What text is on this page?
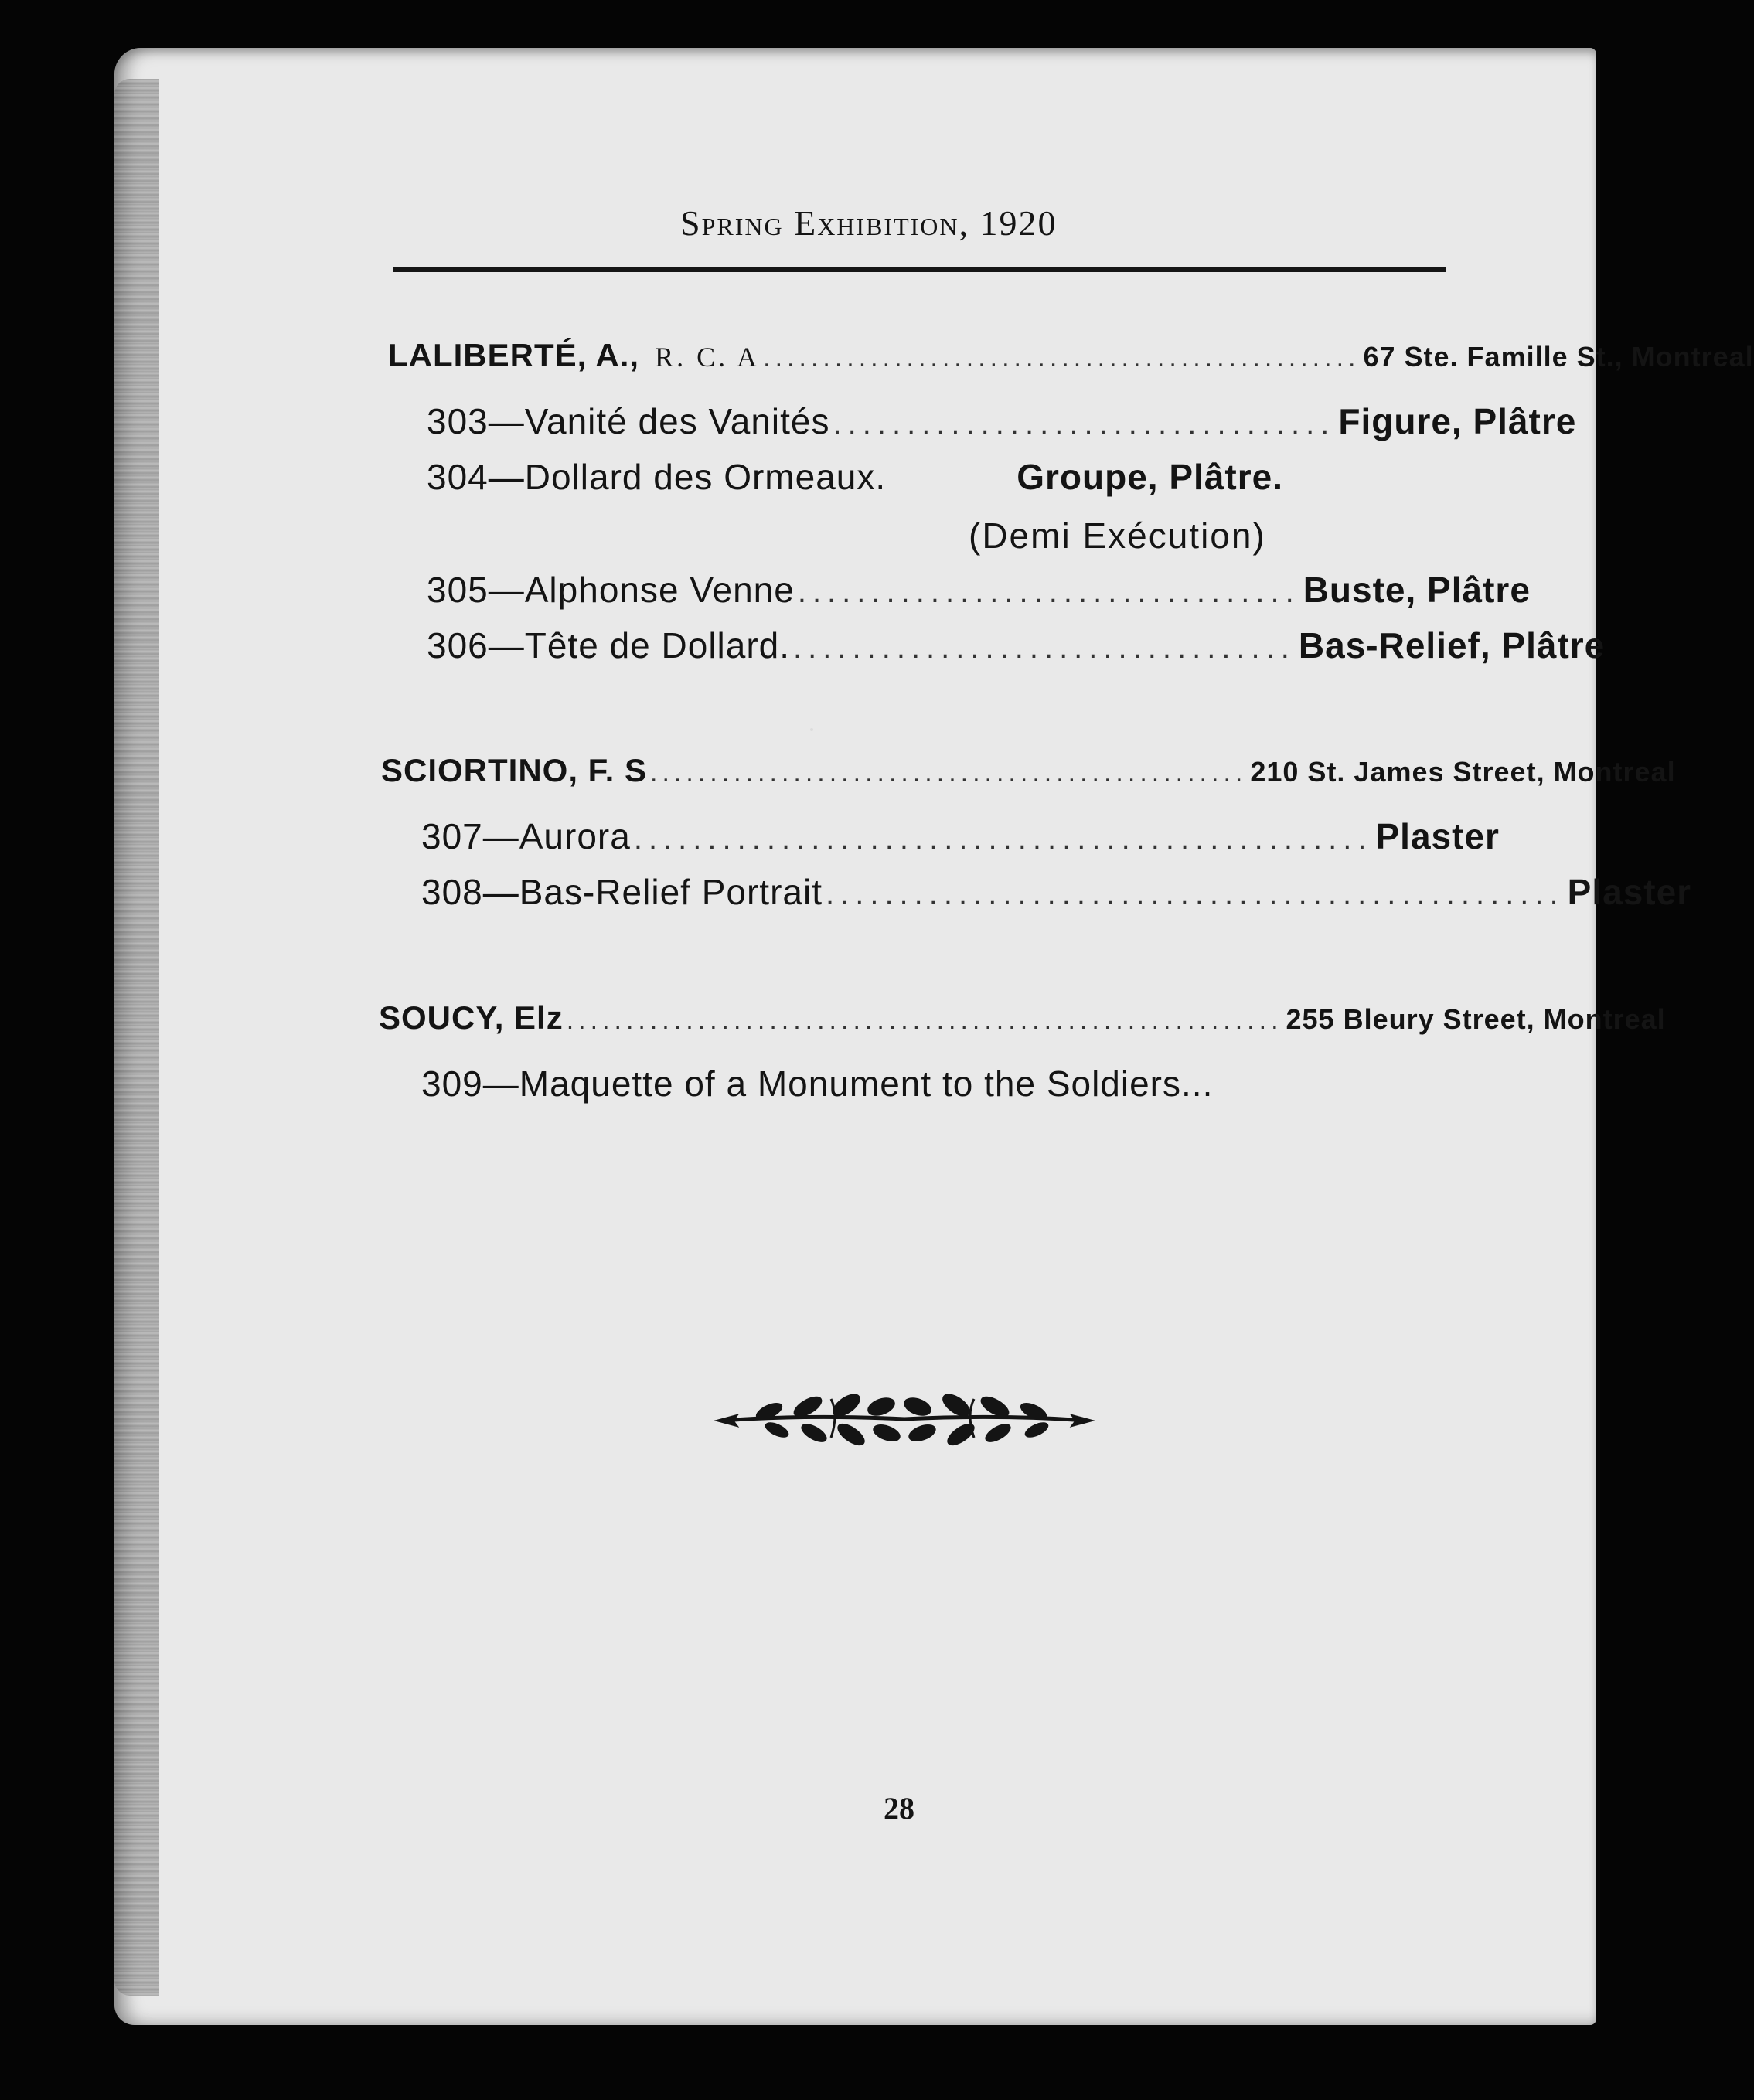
Spring Exhibition, 1920
LALIBERTÉ, A., R. C. A .................................................. 67 Ste. Famille St., Montreal
303— Vanité des Vanités .................................. Figure, Plâtre
304—Dollard des Ormeaux.	Groupe, Plâtre.
(Demi Exécution)
305— Alphonse Venne .................................. Buste, Plâtre
306— Tête de Dollard. .................................. Bas-Relief, Plâtre
SCIORTINO, F. S .................................................. 210 St. James Street, Montreal
307— Aurora .................................................. Plaster
308— Bas-Relief Portrait .................................................. Plaster
SOUCY, Elz ............................................................ 255 Bleury Street, Montreal
309— Maquette of a Monument to the Soldiers...
28
